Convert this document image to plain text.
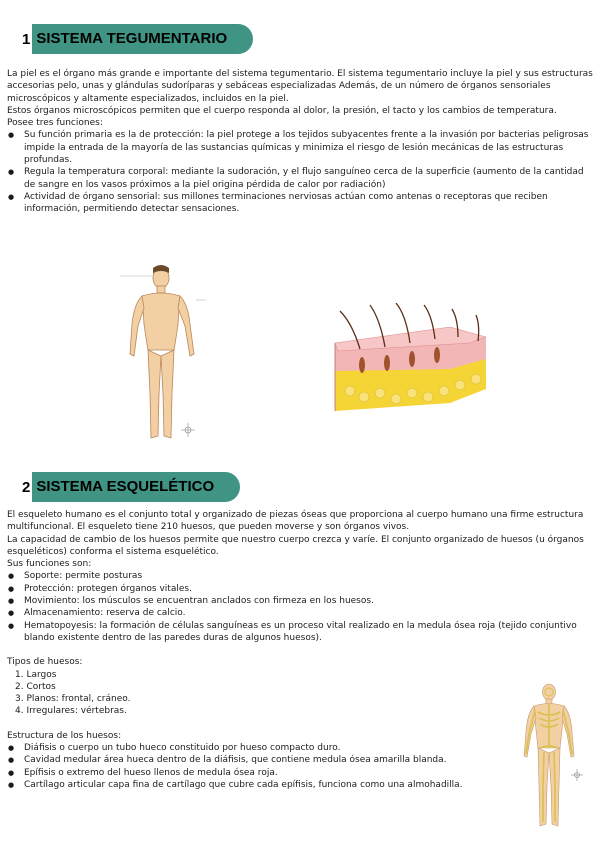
1 SISTEMA TEGUMENTARIO

La piel es el órgano más grande e importante del sistema tegumentario. El sistema tegumentario incluye la piel y sus estructuras accesorias pelo, unas y glándulas sudoríparas y sebáceas especializadas Además, de un número de órganos sensoriales microscópicos y altamente especializados, incluidos en la piel.

Estos órganos microscópicos permiten que el cuerpo responda al dolor, la presión, el tacto y los cambios de temperatura.

Posee tres funciones:

● Su función primaria es la de protección: la piel protege a los tejidos subyacentes frente a la invasión por bacterias peligrosas impide la entrada de la mayoría de las sustancias químicas y minimiza el riesgo de lesión mecánicas de las estructuras profundas.
● Regula la temperatura corporal: mediante la sudoración, y el flujo sanguíneo cerca de la superficie (aumento de la cantidad de sangre en los vasos próximos a la piel origina pérdida de calor por radiación)
● Actividad de órgano sensorial: sus millones terminaciones nerviosas actúan como antenas o receptoras que reciben información, permitiendo detectar sensaciones.
2 SISTEMA ESQUELÉTICO

El esqueleto humano es el conjunto total y organizado de piezas óseas que proporciona al cuerpo humano una firme estructura multifuncional. El esqueleto tiene 210 huesos, que pueden moverse y son órganos vivos.

La capacidad de cambio de los huesos permite que nuestro cuerpo crezca y varíe. El conjunto organizado de huesos (u órganos esqueléticos) conforma el sistema esquelético.

Sus funciones son:

● Soporte: permite posturas
● Protección: protegen órganos vitales.
● Movimiento: los músculos se encuentran anclados con firmeza en los huesos.
● Almacenamiento: reserva de calcio.
● Hematopoyesis: la formación de células sanguíneas es un proceso vital realizado en la medula ósea roja (tejido conjuntivo blando existente dentro de las paredes duras de algunos huesos).

Tipos de huesos:

1. Largos
2. Cortos
3. Planos: frontal, cráneo.
4. Irregulares: vértebras.

Estructura de los huesos:

● Diáfisis o cuerpo un tubo hueco constituido por hueso compacto duro.
● Cavidad medular área hueca dentro de la diáfisis, que contiene medula ósea amarilla blanda.
● Epífisis o extremo del hueso llenos de medula ósea roja.
● Cartílago articular capa fina de cartílago que cubre cada epífisis, funciona como una almohadilla.
